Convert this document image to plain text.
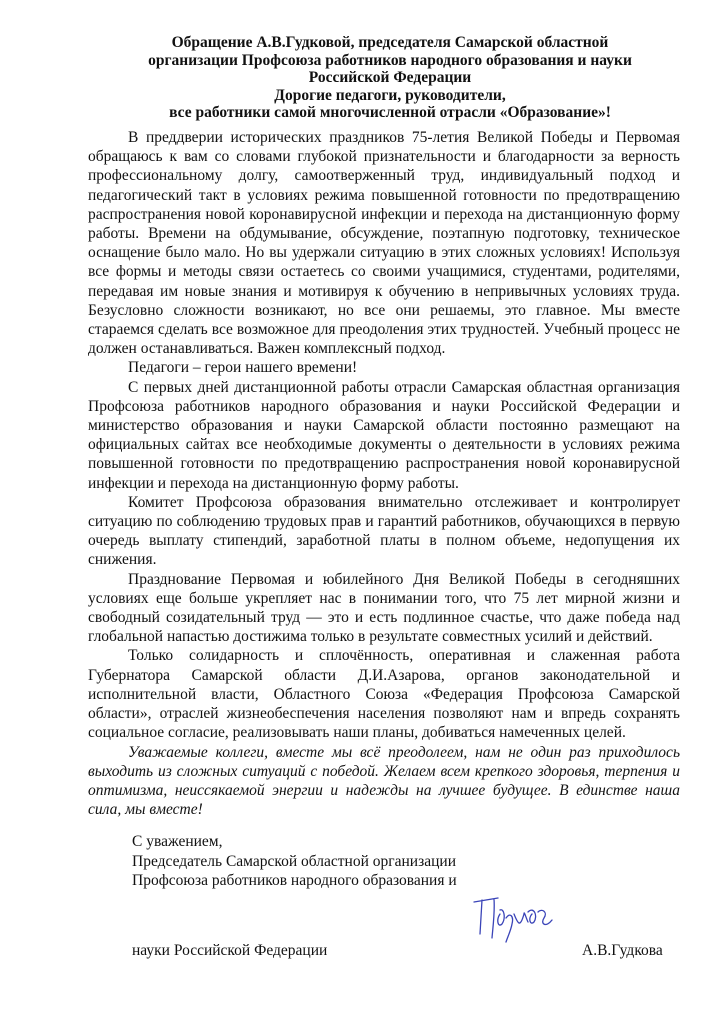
Обращение А.В.Гудковой, председателя Самарской областной
организации Профсоюза работников народного образования и науки
Российской Федерации
Дорогие педагоги, руководители,
все работники самой многочисленной отрасли «Образование»!

В преддверии исторических праздников 75-летия Великой Победы и Первомая обращаюсь к вам со словами глубокой признательности и благодарности за верность профессиональному долгу, самоотверженный труд, индивидуальный подход и педагогический такт в условиях режима повышенной готовности по предотвращению распространения новой коронавирусной инфекции и перехода на дистанционную форму работы. Времени на обдумывание, обсуждение, поэтапную подготовку, техническое оснащение было мало. Но вы удержали ситуацию в этих сложных условиях! Используя все формы и методы связи остаетесь со своими учащимися, студентами, родителями, передавая им новые знания и мотивируя к обучению в непривычных условиях труда. Безусловно сложности возникают, но все они решаемы, это главное. Мы вместе стараемся сделать все возможное для преодоления этих трудностей. Учебный процесс не должен останавливаться. Важен комплексный подход.

Педагоги – герои нашего времени!

С первых дней дистанционной работы отрасли Самарская областная организация Профсоюза работников народного образования и науки Российской Федерации и министерство образования и науки Самарской области постоянно размещают на официальных сайтах все необходимые документы о деятельности в условиях режима повышенной готовности по предотвращению распространения новой коронавирусной инфекции и перехода на дистанционную форму работы.

Комитет Профсоюза образования внимательно отслеживает и контролирует ситуацию по соблюдению трудовых прав и гарантий работников, обучающихся в первую очередь выплату стипендий, заработной платы в полном объеме, недопущения их снижения.

Празднование Первомая и юбилейного Дня Великой Победы в сегодняшних условиях еще больше укрепляет нас в понимании того, что 75 лет мирной жизни и свободный созидательный труд — это и есть подлинное счастье, что даже победа над глобальной напастью достижима только в результате совместных усилий и действий.

Только солидарность и сплочённость, оперативная и слаженная работа Губернатора Самарской области Д.И.Азарова, органов законодательной и исполнительной власти, Областного Союза «Федерация Профсоюза Самарской области», отраслей жизнеобеспечения населения позволяют нам и впредь сохранять социальное согласие, реализовывать наши планы, добиваться намеченных целей.

Уважаемые коллеги, вместе мы всё преодолеем, нам не один раз приходилось выходить из сложных ситуаций с победой. Желаем всем крепкого здоровья, терпения и оптимизма, неиссякаемой энергии и надежды на лучшее будущее. В единстве наша сила, мы вместе!

С уважением,
Председатель Самарской областной организации
Профсоюза работников народного образования и
науки Российской Федерации	А.В.Гудкова
